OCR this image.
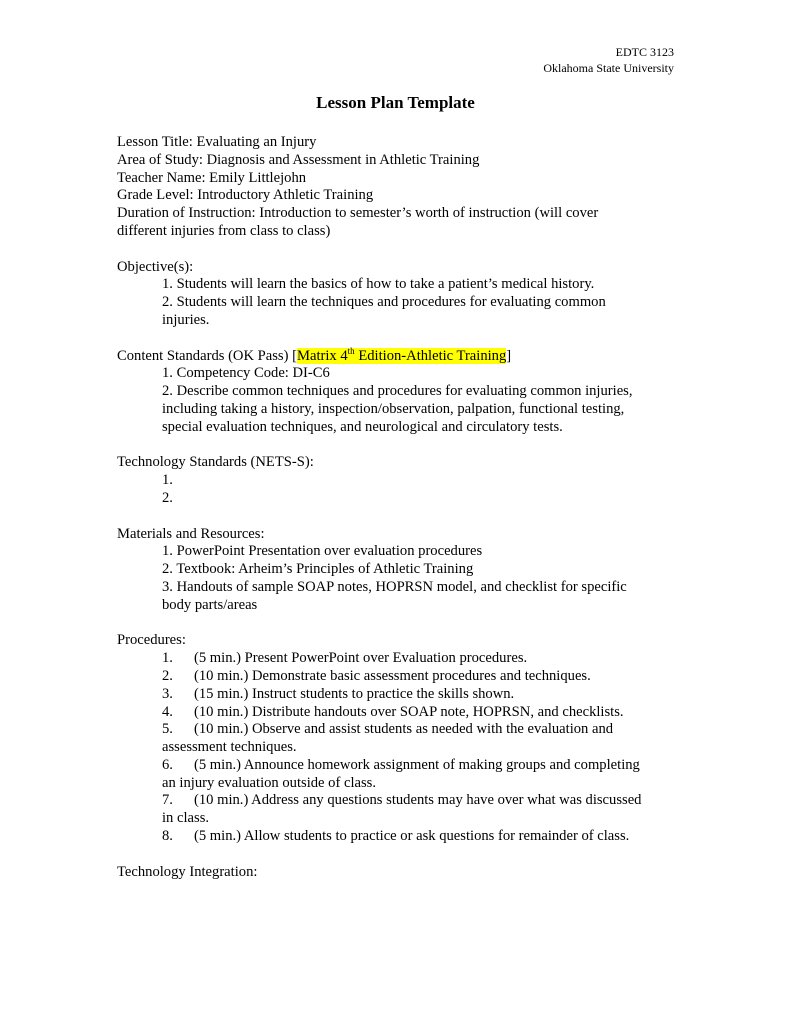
EDTC 3123
Oklahoma State University
Lesson Plan Template
Lesson Title: Evaluating an Injury
Area of Study: Diagnosis and Assessment in Athletic Training
Teacher Name: Emily Littlejohn
Grade Level: Introductory Athletic Training
Duration of Instruction: Introduction to semester’s worth of instruction (will cover
different injuries from class to class)
Objective(s):
1. Students will learn the basics of how to take a patient’s medical history.
2. Students will learn the techniques and procedures for evaluating common
injuries.
Content Standards (OK Pass) [Matrix 4th Edition-Athletic Training]
1. Competency Code: DI-C6
2. Describe common techniques and procedures for evaluating common injuries,
including taking a history, inspection/observation, palpation, functional testing,
special evaluation techniques, and neurological and circulatory tests.
Technology Standards (NETS-S):
1.
2.
Materials and Resources:
1. PowerPoint Presentation over evaluation procedures
2. Textbook: Arheim’s Principles of Athletic Training
3. Handouts of sample SOAP notes, HOPRSN model, and checklist for specific
body parts/areas
Procedures:
1.	(5 min.) Present PowerPoint over Evaluation procedures.
2.	(10 min.) Demonstrate basic assessment procedures and techniques.
3.	(15 min.) Instruct students to practice the skills shown.
4.	(10 min.) Distribute handouts over SOAP note, HOPRSN, and checklists.
5.	(10 min.) Observe and assist students as needed with the evaluation and
assessment techniques.
6.	(5 min.) Announce homework assignment of making groups and completing
an injury evaluation outside of class.
7.	(10 min.) Address any questions students may have over what was discussed
in class.
8.	(5 min.) Allow students to practice or ask questions for remainder of class.
Technology Integration:
